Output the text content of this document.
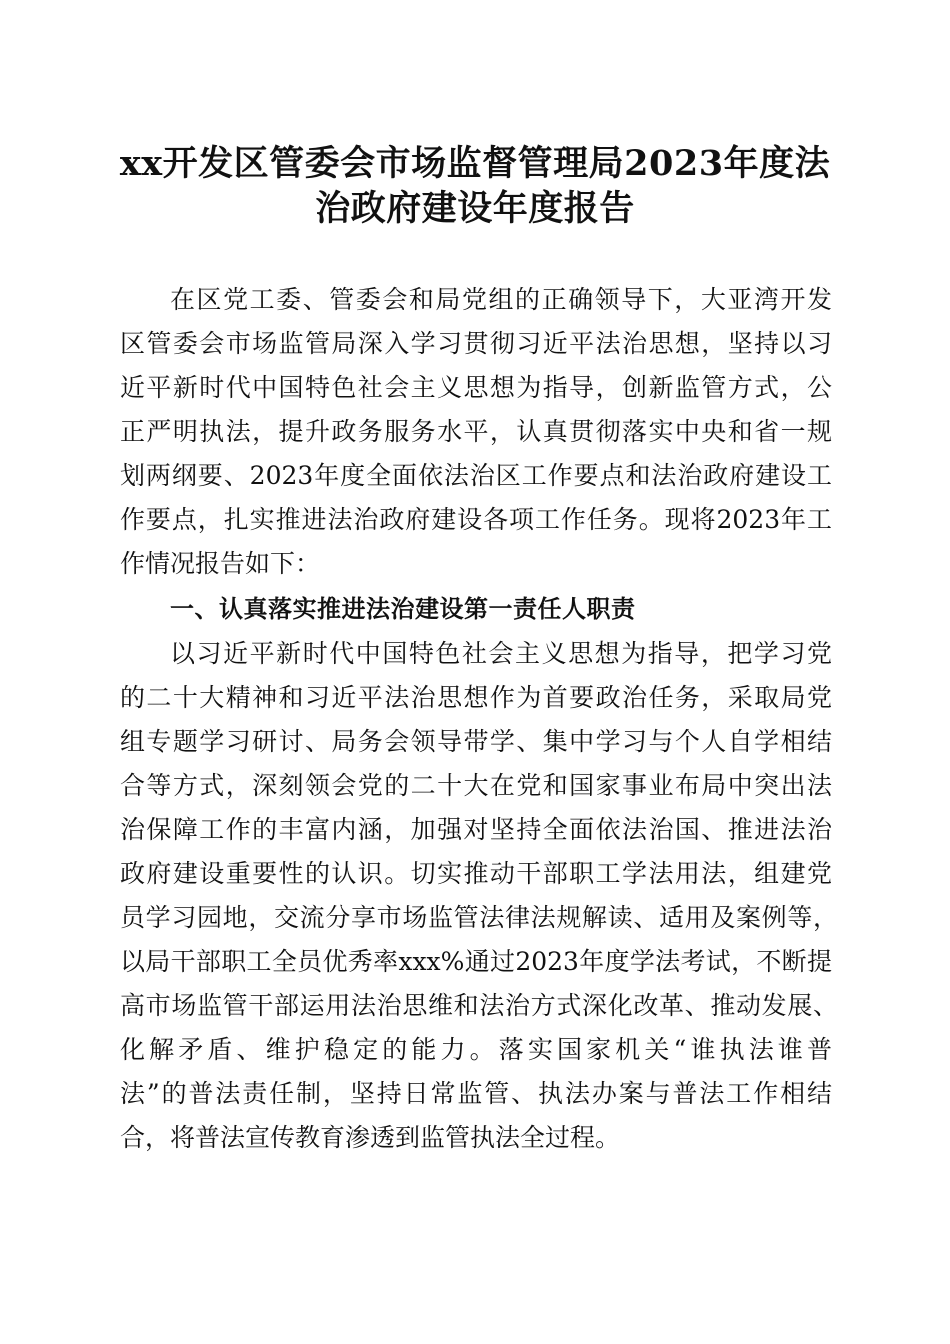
xx开发区管委会市场监督管理局2023年度法
治政府建设年度报告

在区党工委、管委会和局党组的正确领导下，大亚湾开发

区管委会市场监管局深入学习贯彻习近平法治思想，坚持以习

近平新时代中国特色社会主义思想为指导，创新监管方式，公

正严明执法，提升政务服务水平，认真贯彻落实中央和省一规

划两纲要、2023年度全面依法治区工作要点和法治政府建设工

作要点，扎实推进法治政府建设各项工作任务。现将2023年工

作情况报告如下：

一、认真落实推进法治建设第一责任人职责

以习近平新时代中国特色社会主义思想为指导，把学习党

的二十大精神和习近平法治思想作为首要政治任务，采取局党

组专题学习研讨、局务会领导带学、集中学习与个人自学相结

合等方式，深刻领会党的二十大在党和国家事业布局中突出法

治保障工作的丰富内涵，加强对坚持全面依法治国、推进法治

政府建设重要性的认识。切实推动干部职工学法用法，组建党

员学习园地，交流分享市场监管法律法规解读、适用及案例等，

以局干部职工全员优秀率xxx%通过2023年度学法考试，不断提

高市场监管干部运用法治思维和法治方式深化改革、推动发展、

化解矛盾、维护稳定的能力。落实国家机关“谁执法谁普

法”的普法责任制，坚持日常监管、执法办案与普法工作相结

合，将普法宣传教育渗透到监管执法全过程。
